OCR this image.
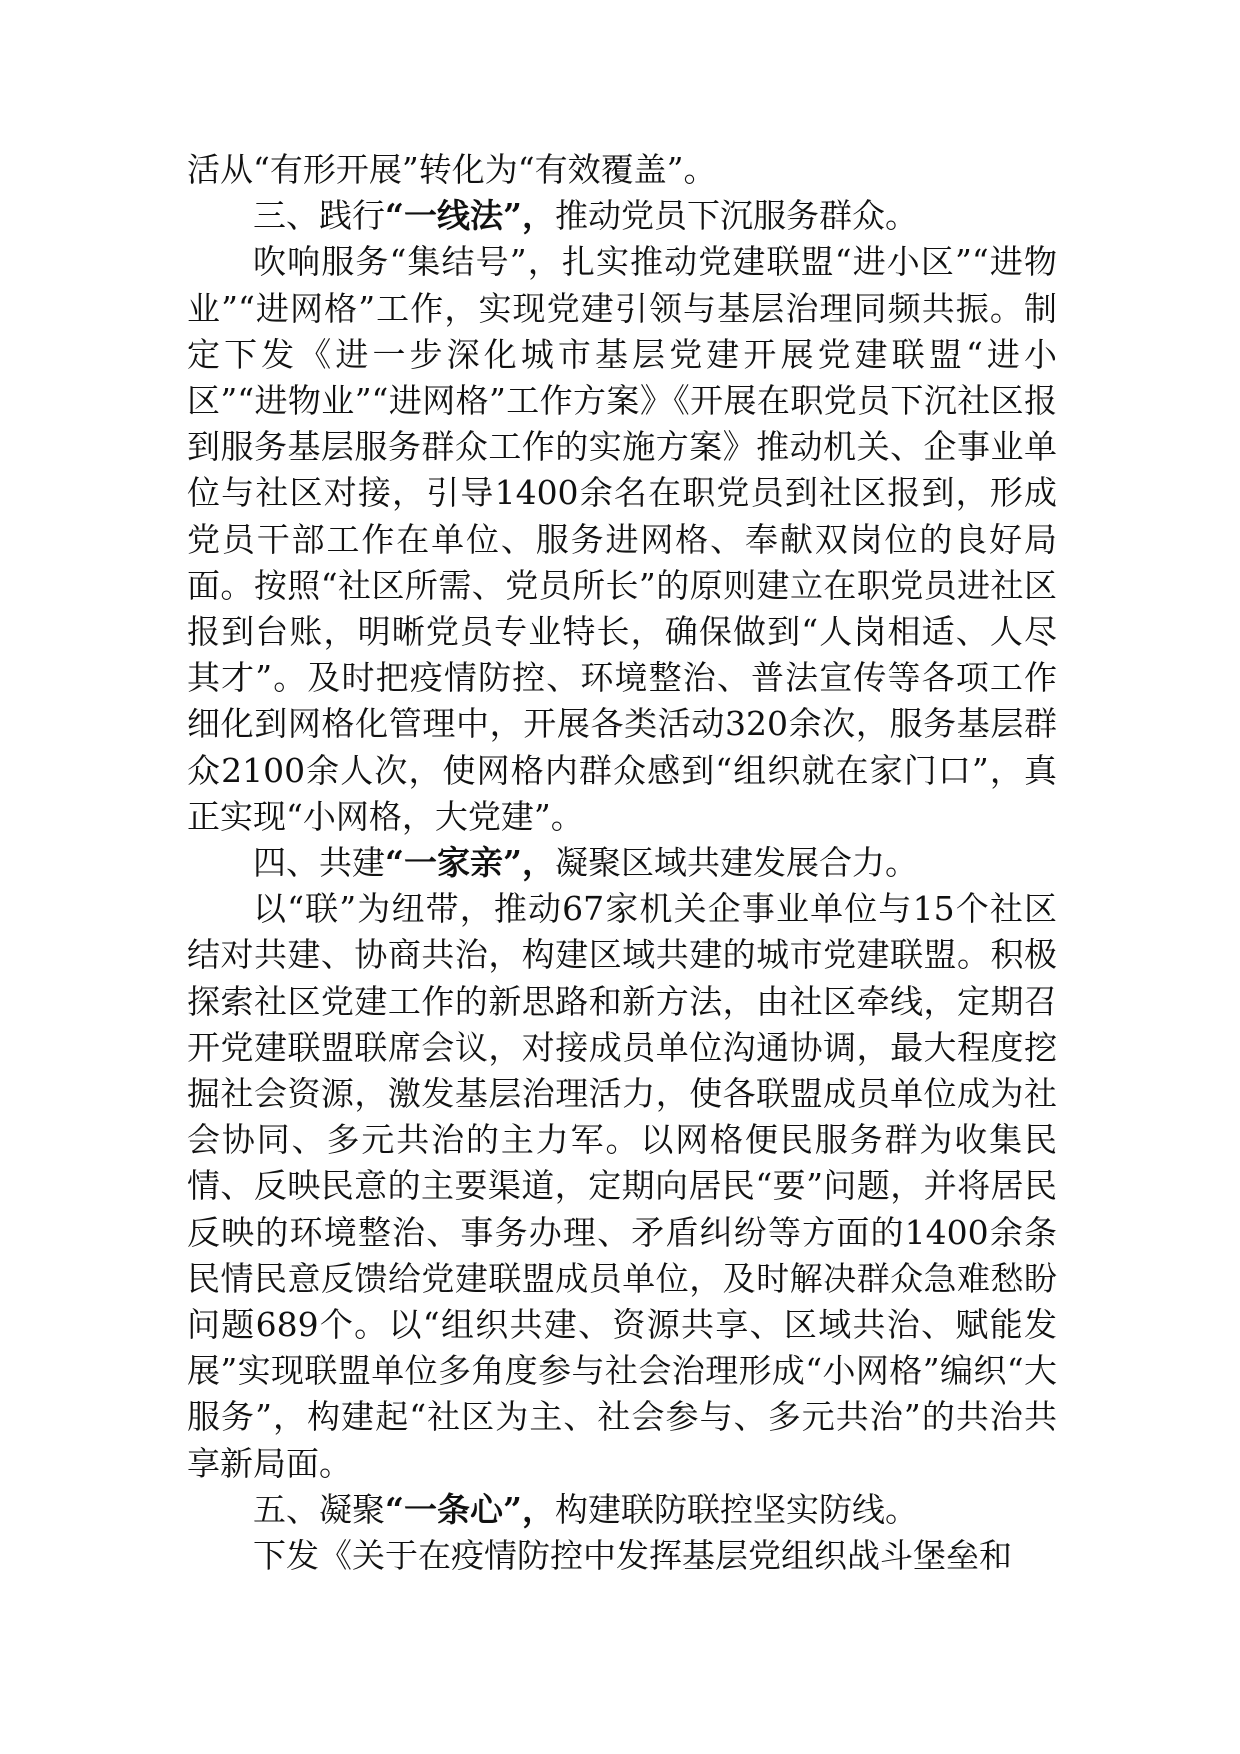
活从“有形开展”转化为“有效覆盖”。

三、践行“一线法”，推动党员下沉服务群众。

吹响服务“集结号”，扎实推动党建联盟“进小区”“进物业”“进网格”工作，实现党建引领与基层治理同频共振。制定下发《进一步深化城市基层党建开展党建联盟“进小区”“进物业”“进网格”工作方案》《开展在职党员下沉社区报到服务基层服务群众工作的实施方案》推动机关、企事业单位与社区对接，引导1400余名在职党员到社区报到，形成党员干部工作在单位、服务进网格、奉献双岗位的良好局面。按照“社区所需、党员所长”的原则建立在职党员进社区报到台账，明晰党员专业特长，确保做到“人岗相适、人尽其才”。及时把疫情防控、环境整治、普法宣传等各项工作细化到网格化管理中，开展各类活动320余次，服务基层群众2100余人次，使网格内群众感到“组织就在家门口”，真正实现“小网格，大党建”。

四、共建“一家亲”，凝聚区域共建发展合力。

以“联”为纽带，推动67家机关企事业单位与15个社区结对共建、协商共治，构建区域共建的城市党建联盟。积极探索社区党建工作的新思路和新方法，由社区牵线，定期召开党建联盟联席会议，对接成员单位沟通协调，最大程度挖掘社会资源，激发基层治理活力，使各联盟成员单位成为社会协同、多元共治的主力军。以网格便民服务群为收集民情、反映民意的主要渠道，定期向居民“要”问题，并将居民反映的环境整治、事务办理、矛盾纠纷等方面的1400余条民情民意反馈给党建联盟成员单位，及时解决群众急难愁盼问题689个。以“组织共建、资源共享、区域共治、赋能发展”实现联盟单位多角度参与社会治理形成“小网格”编织“大服务”，构建起“社区为主、社会参与、多元共治”的共治共享新局面。

五、凝聚“一条心”，构建联防联控坚实防线。

下发《关于在疫情防控中发挥基层党组织战斗堡垒和
